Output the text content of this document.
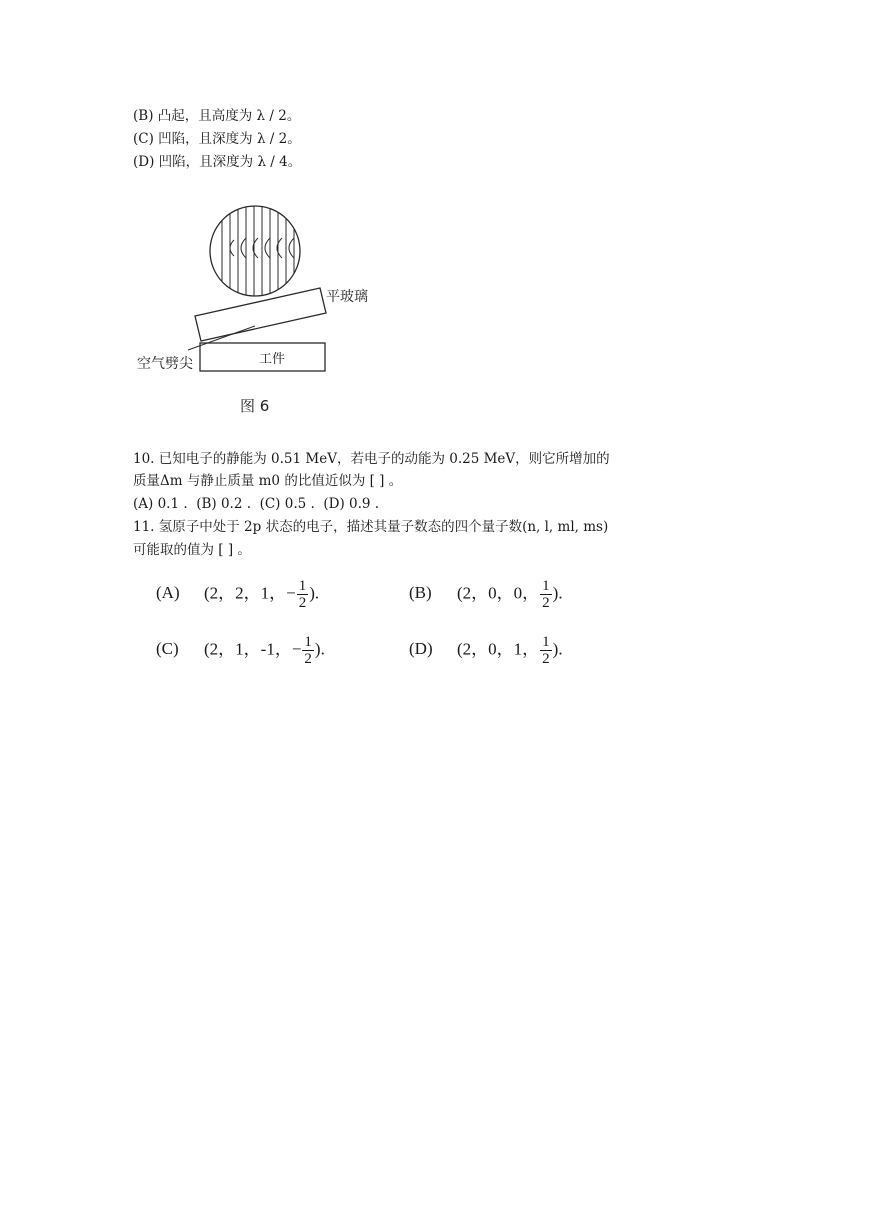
(B) 凸起，且高度为 λ / 2。
(C) 凹陷，且深度为 λ / 2。
(D) 凹陷，且深度为 λ / 4。
平玻璃
空气劈尖	工件
图 6
10. 已知电子的静能为 0.51 MeV，若电子的动能为 0.25 MeV，则它所增加的
质量Δm 与静止质量 m0 的比值近似为 [ ] 。
(A) 0.1 .  (B) 0.2 .  (C) 0.5 .  (D) 0.9 .
11. 氢原子中处于 2p 状态的电子，描述其量子数态的四个量子数(n, l, ml, ms)
可能取的值为 [ ] 。
(A) (2，2，1，− $\frac{1}{2}$ ).	(B) (2，0，0， $\frac{1}{2}$ ).
(C) (2，1，-1，− $\frac{1}{2}$ ).	(D) (2，0，1， $\frac{1}{2}$ ).
